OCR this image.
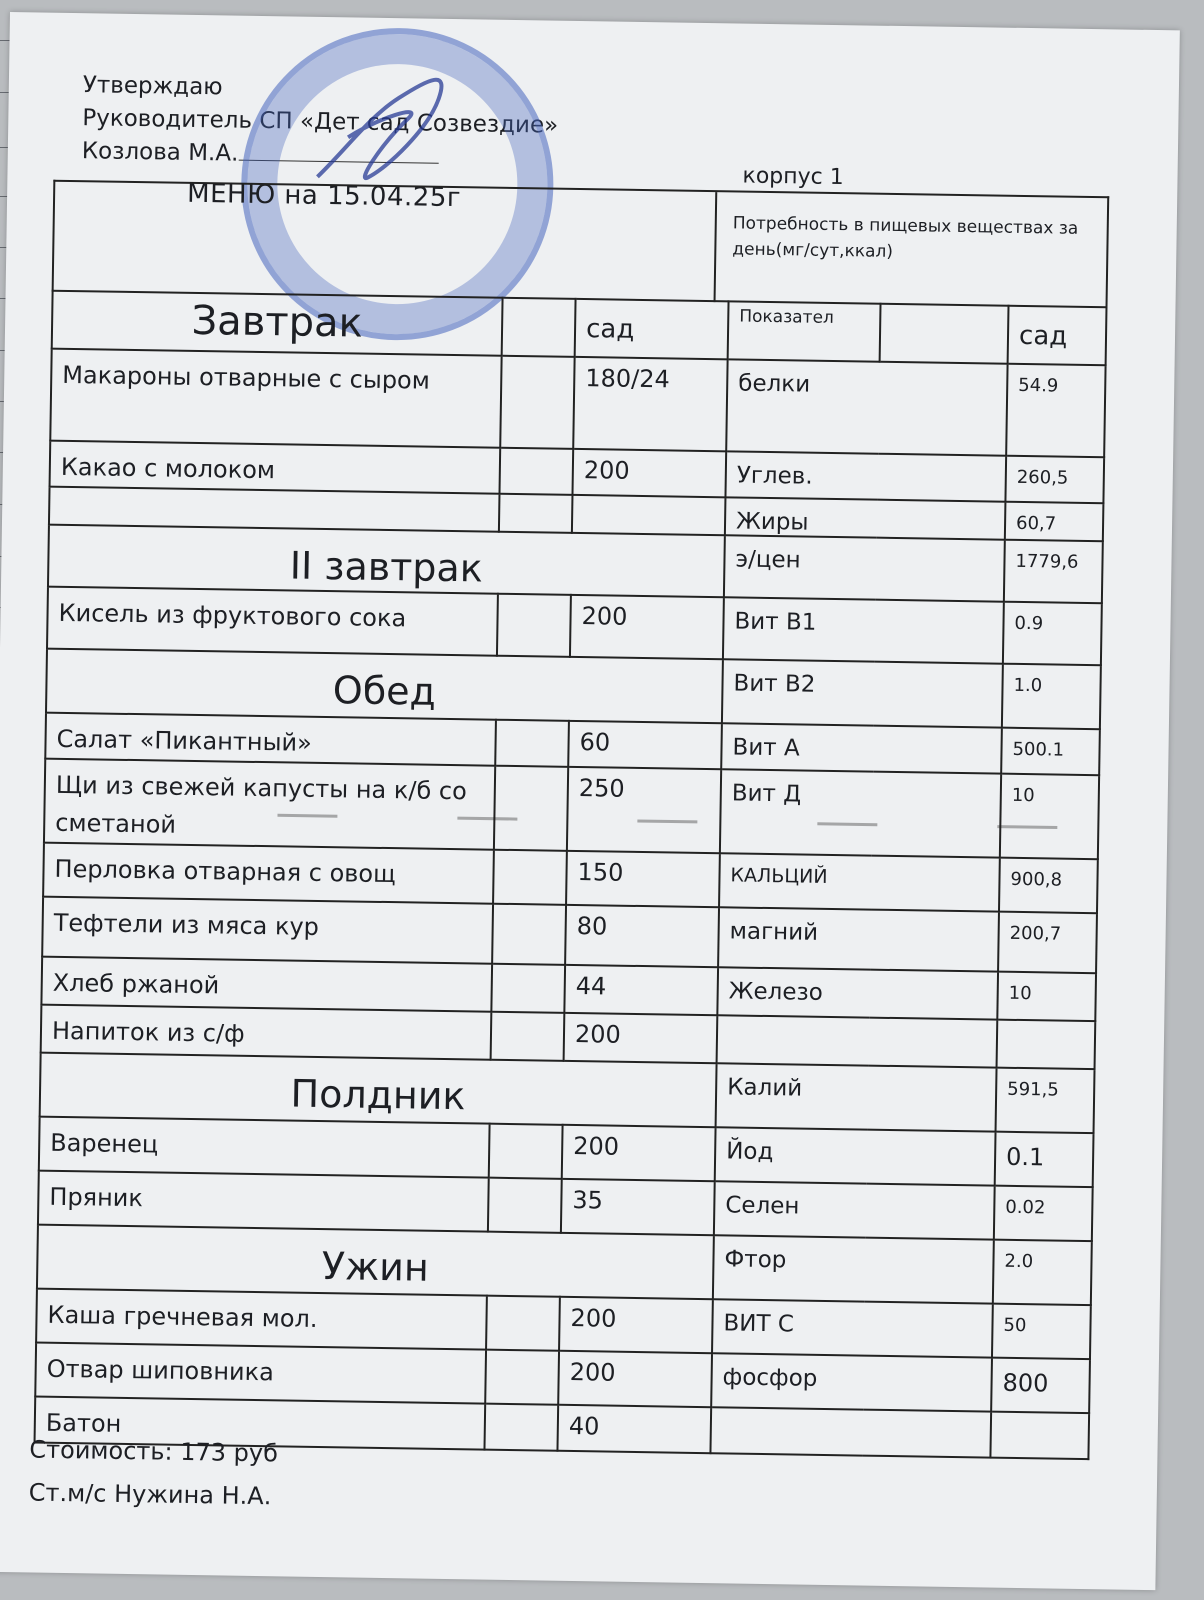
Утверждаю
Руководитель СП «Дет сад Созвездие»
Козлова М.А.
корпус 1
МЕНЮ на 15.04.25г
Потребность в пищевых веществах за день(мг/сут,ккал)
Завтрак		сад	Показател		сад
Макароны отварные с сыром		180/24	белки		54.9
Какао с молоком		200	Углев.		260,5
			Жиры		60,7
II завтрак			э/цен		1779,6
Кисель из фруктового сока		200	Вит В1		0.9
Обед			Вит В2		1.0
Салат «Пикантный»		60	Вит А		500.1
Щи из свежей капусты на к/б со сметаной		250	Вит Д		10
Перловка отварная с овощ		150	КАЛЬЦИЙ		900,8
Тефтели из мяса кур		80	магний		200,7
Хлеб ржаной		44	Железо		10
Напиток из с/ф		200			
Полдник			Калий		591,5
Варенец		200	Йод		0.1
Пряник		35	Селен		0.02
Ужин			Фтор		2.0
Каша гречневая мол.		200	ВИТ С		50
Отвар шиповника		200	фосфор		800
Батон		40			
Стоимость: 173 руб
Ст.м/с Нужина Н.А.
